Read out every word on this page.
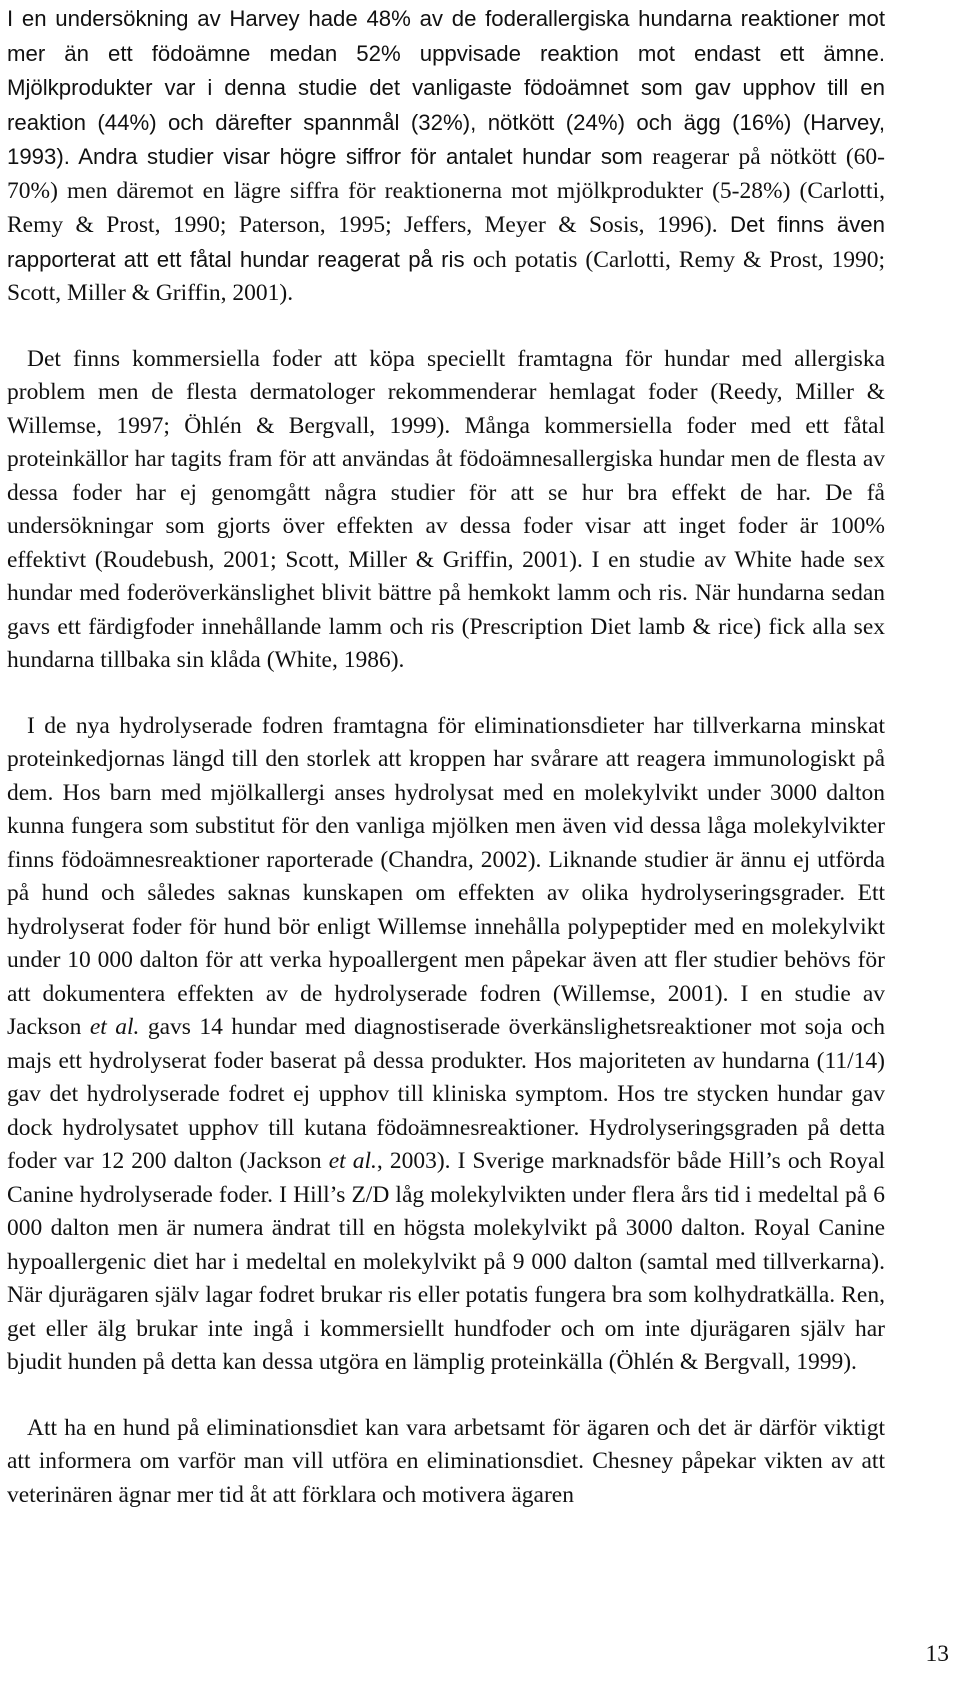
I en undersökning av Harvey hade 48% av de foderallergiska hundarna reaktioner mot mer än ett födoämne medan 52% uppvisade reaktion mot endast ett ämne. Mjölkprodukter var i denna studie det vanligaste födoämnet som gav upphov till en reaktion (44%) och därefter spannmål (32%), nötkött (24%) och ägg (16%) (Harvey, 1993). Andra studier visar högre siffror för antalet hundar som reagerar på nötkött (60-70%) men däremot en lägre siffra för reaktionerna mot mjölkprodukter (5-28%) (Carlotti, Remy & Prost, 1990; Paterson, 1995; Jeffers, Meyer & Sosis, 1996). Det finns även rapporterat att ett fåtal hundar reagerat på ris och potatis (Carlotti, Remy & Prost, 1990; Scott, Miller & Griffin, 2001).

Det finns kommersiella foder att köpa speciellt framtagna för hundar med allergiska problem men de flesta dermatologer rekommenderar hemlagat foder (Reedy, Miller & Willemse, 1997; Öhlén & Bergvall, 1999). Många kommersiella foder med ett fåtal proteinkällor har tagits fram för att användas åt födoämnesallergiska hundar men de flesta av dessa foder har ej genomgått några studier för att se hur bra effekt de har. De få undersökningar som gjorts över effekten av dessa foder visar att inget foder är 100% effektivt (Roudebush, 2001; Scott, Miller & Griffin, 2001). I en studie av White hade sex hundar med foderöverkänslighet blivit bättre på hemkokt lamm och ris. När hundarna sedan gavs ett färdigfoder innehållande lamm och ris (Prescription Diet lamb & rice) fick alla sex hundarna tillbaka sin klåda (White, 1986).

I de nya hydrolyserade fodren framtagna för eliminationsdieter har tillverkarna minskat proteinkedjornas längd till den storlek att kroppen har svårare att reagera immunologiskt på dem. Hos barn med mjölkallergi anses hydrolysat med en molekylvikt under 3000 dalton kunna fungera som substitut för den vanliga mjölken men även vid dessa låga molekylvikter finns födoämnesreaktioner raporterade (Chandra, 2002). Liknande studier är ännu ej utförda på hund och således saknas kunskapen om effekten av olika hydrolyseringsgrader. Ett hydrolyserat foder för hund bör enligt Willemse innehålla polypeptider med en molekylvikt under 10 000 dalton för att verka hypoallergent men påpekar även att fler studier behövs för att dokumentera effekten av de hydrolyserade fodren (Willemse, 2001). I en studie av Jackson et al. gavs 14 hundar med diagnostiserade överkänslighetsreaktioner mot soja och majs ett hydrolyserat foder baserat på dessa produkter. Hos majoriteten av hundarna (11/14) gav det hydrolyserade fodret ej upphov till kliniska symptom. Hos tre stycken hundar gav dock hydrolysatet upphov till kutana födoämnesreaktioner. Hydrolyseringsgraden på detta foder var 12 200 dalton (Jackson et al., 2003). I Sverige marknadsför både Hill’s och Royal Canine hydrolyserade foder. I Hill’s Z/D låg molekylvikten under flera års tid i medeltal på 6 000 dalton men är numera ändrat till en högsta molekylvikt på 3000 dalton. Royal Canine hypoallergenic diet har i medeltal en molekylvikt på 9 000 dalton (samtal med tillverkarna). När djurägaren själv lagar fodret brukar ris eller potatis fungera bra som kolhydratkälla. Ren, get eller älg brukar inte ingå i kommersiellt hundfoder och om inte djurägaren själv har bjudit hunden på detta kan dessa utgöra en lämplig proteinkälla (Öhlén & Bergvall, 1999).

Att ha en hund på eliminationsdiet kan vara arbetsamt för ägaren och det är därför viktigt att informera om varför man vill utföra en eliminationsdiet. Chesney påpekar vikten av att veterinären ägnar mer tid åt att förklara och motivera ägaren

13
